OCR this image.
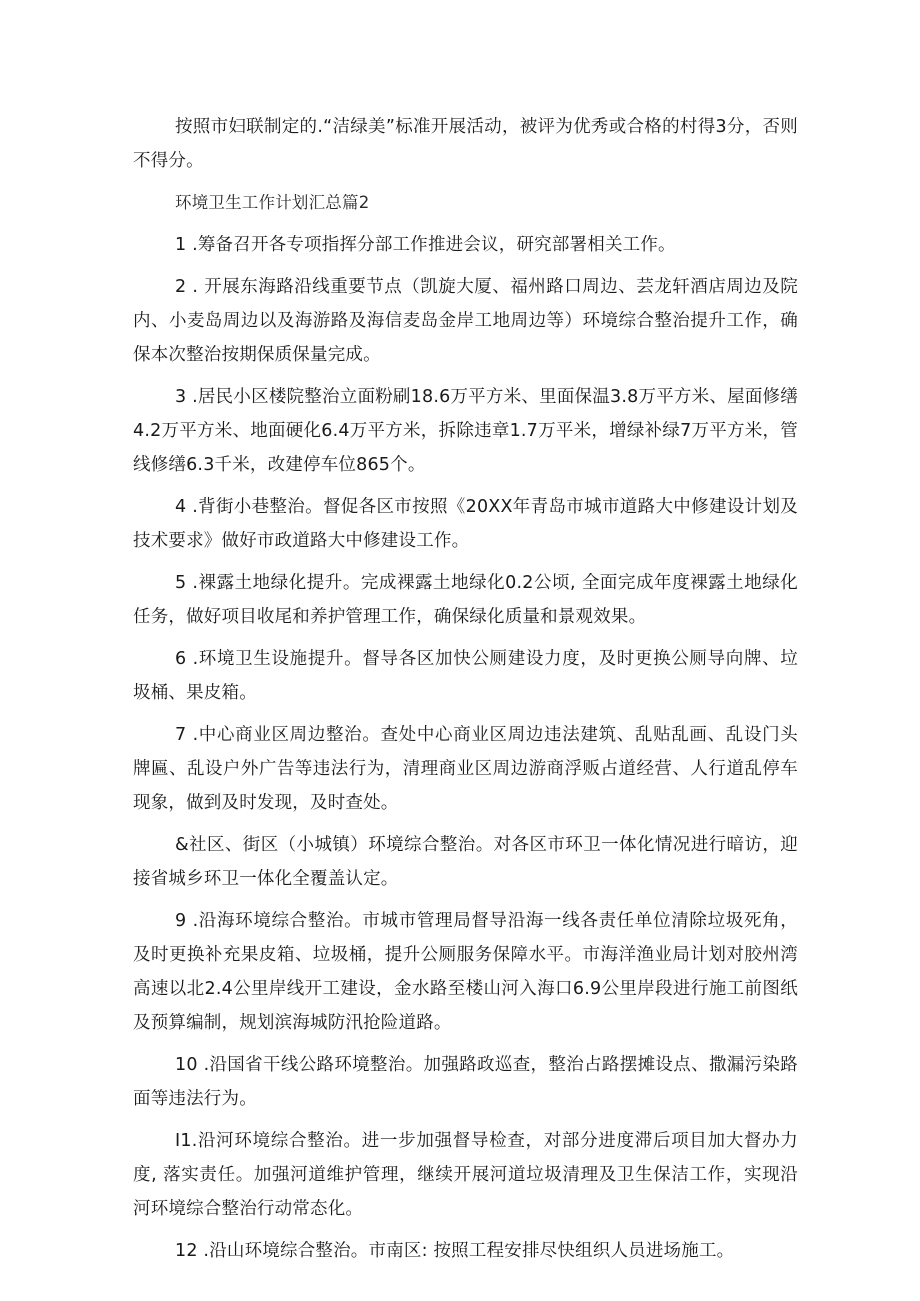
按照市妇联制定的.“洁绿美”标准开展活动，被评为优秀或合格的村得3分，否则不得分。

环境卫生工作计划汇总篇2

1 .筹备召开各专项指挥分部工作推进会议，研究部署相关工作。

2 . 开展东海路沿线重要节点（凯旋大厦、福州路口周边、芸龙轩酒店周边及院内、小麦岛周边以及海游路及海信麦岛金岸工地周边等）环境综合整治提升工作，确保本次整治按期保质保量完成。

3 .居民小区楼院整治立面粉刷18.6万平方米、里面保温3.8万平方米、屋面修缮4.2万平方米、地面硬化6.4万平方米，拆除违章1.7万平米，增绿补绿7万平方米，管线修缮6.3千米，改建停车位865个。

4 .背街小巷整治。督促各区市按照《20XX年青岛市城市道路大中修建设计划及技术要求》做好市政道路大中修建设工作。

5 .裸露土地绿化提升。完成裸露土地绿化0.2公顷, 全面完成年度裸露土地绿化任务，做好项目收尾和养护管理工作，确保绿化质量和景观效果。

6 .环境卫生设施提升。督导各区加快公厕建设力度，及时更换公厕导向牌、垃圾桶、果皮箱。

7 .中心商业区周边整治。查处中心商业区周边违法建筑、乱贴乱画、乱设门头牌匾、乱设户外广告等违法行为，清理商业区周边游商浮贩占道经营、人行道乱停车现象，做到及时发现，及时查处。

&社区、街区（小城镇）环境综合整治。对各区市环卫一体化情况进行暗访，迎接省城乡环卫一体化全覆盖认定。

9 .沿海环境综合整治。市城市管理局督导沿海一线各责任单位清除垃圾死角，及时更换补充果皮箱、垃圾桶，提升公厕服务保障水平。市海洋渔业局计划对胶州湾高速以北2.4公里岸线开工建设，金水路至楼山河入海口6.9公里岸段进行施工前图纸及预算编制，规划滨海城防汛抢险道路。

10 .沿国省干线公路环境整治。加强路政巡查，整治占路摆摊设点、撒漏污染路面等违法行为。

I1.沿河环境综合整治。进一步加强督导检查，对部分进度滞后项目加大督办力度, 落实责任。加强河道维护管理，继续开展河道垃圾清理及卫生保洁工作，实现沿河环境综合整治行动常态化。

12 .沿山环境综合整治。市南区: 按照工程安排尽快组织人员进场施工。
